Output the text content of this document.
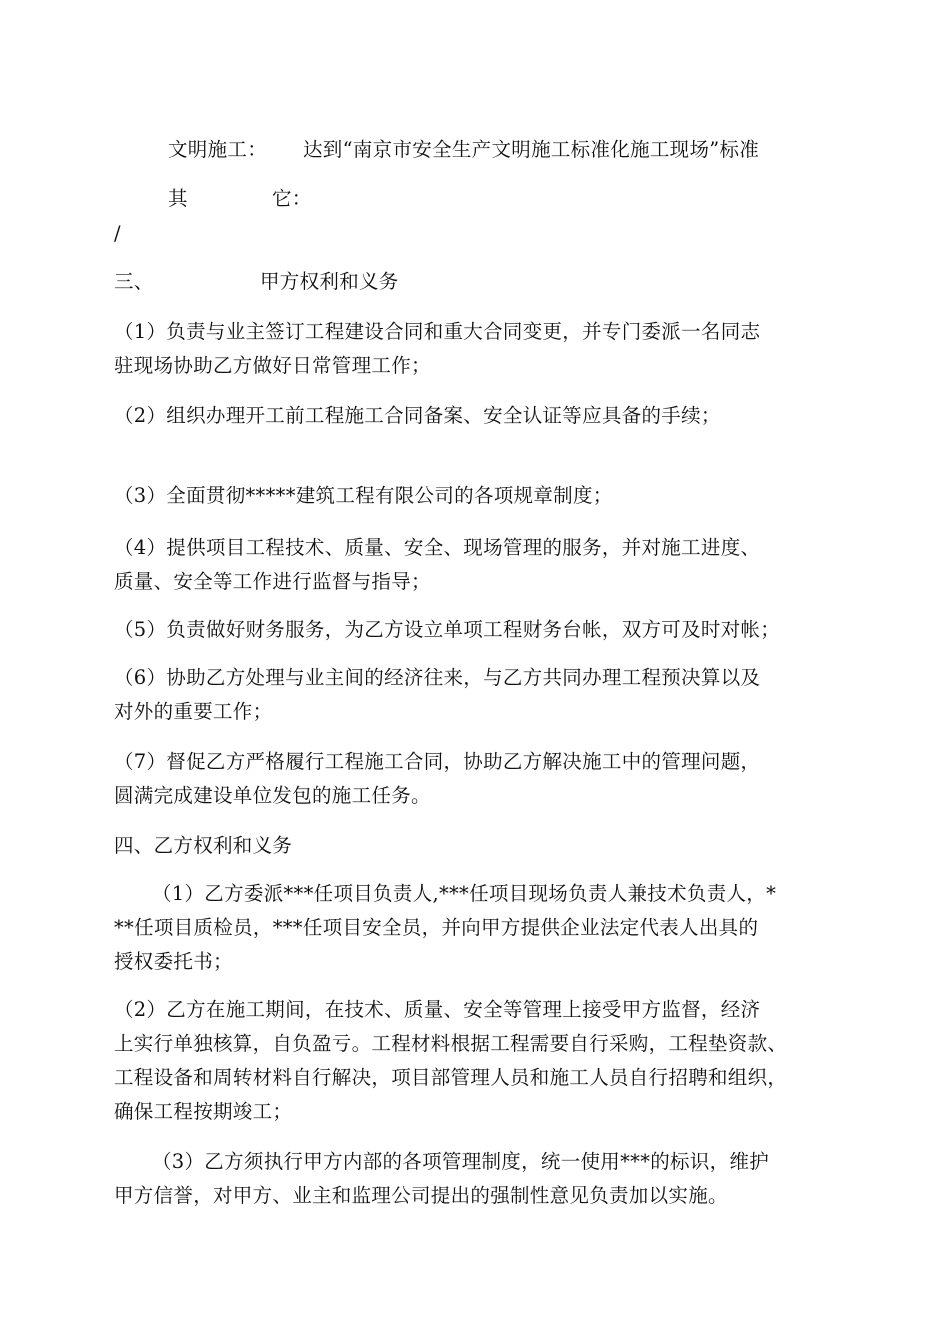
文明施工： 达到“南京市安全生产文明施工标准化施工现场”标准
其	它：
/
三、	甲方权利和义务
（1）负责与业主签订工程建设合同和重大合同变更，并专门委派一名同志
驻现场协助乙方做好日常管理工作；
（2）组织办理开工前工程施工合同备案、安全认证等应具备的手续；
（3）全面贯彻*****建筑工程有限公司的各项规章制度；
（4）提供项目工程技术、质量、安全、现场管理的服务，并对施工进度、
质量、安全等工作进行监督与指导；
（5）负责做好财务服务，为乙方设立单项工程财务台帐，双方可及时对帐；
（6）协助乙方处理与业主间的经济往来，与乙方共同办理工程预决算以及
对外的重要工作；
（7）督促乙方严格履行工程施工合同，协助乙方解决施工中的管理问题，
圆满完成建设单位发包的施工任务。
四、乙方权利和义务
（1）乙方委派***任项目负责人,***任项目现场负责人兼技术负责人，*
**任项目质检员，***任项目安全员，并向甲方提供企业法定代表人出具的
授权委托书；
（2）乙方在施工期间，在技术、质量、安全等管理上接受甲方监督，经济
上实行单独核算，自负盈亏。工程材料根据工程需要自行采购，工程垫资款、
工程设备和周转材料自行解决，项目部管理人员和施工人员自行招聘和组织，
确保工程按期竣工；
（3）乙方须执行甲方内部的各项管理制度，统一使用***的标识，维护
甲方信誉，对甲方、业主和监理公司提出的强制性意见负责加以实施。
